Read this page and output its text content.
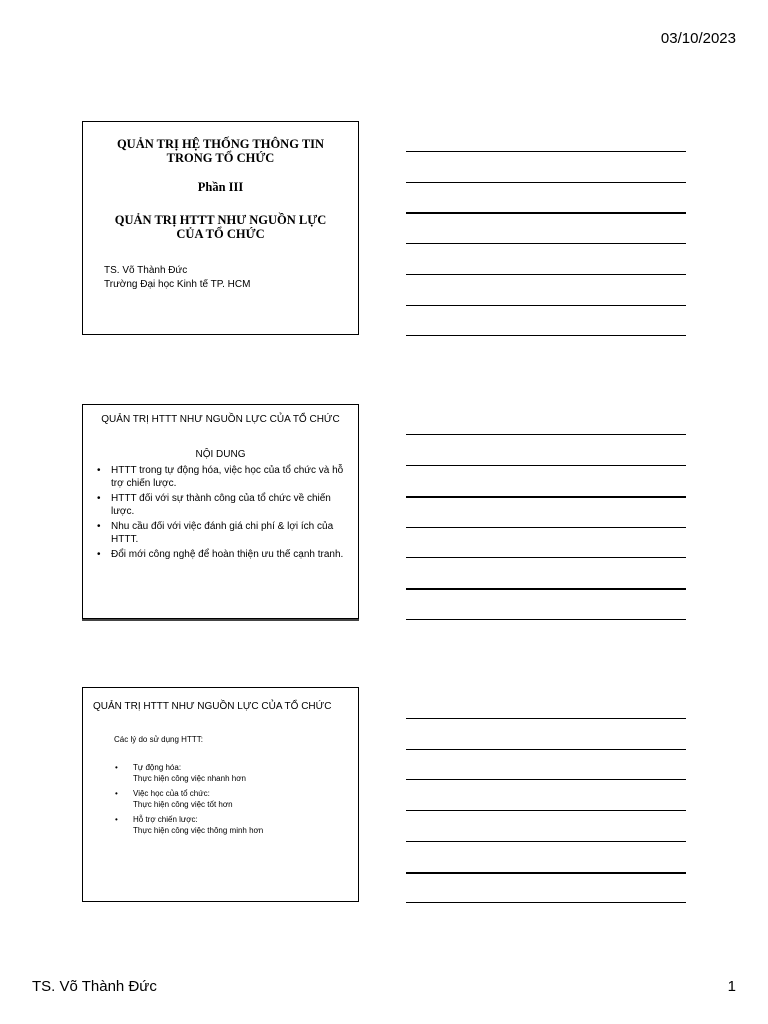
03/10/2023
QUẢN TRỊ HỆ THỐNG THÔNG TIN
TRONG TỔ CHỨC
Phần III
QUẢN TRỊ HTTT NHƯ NGUỒN LỰC
CỦA TỔ CHỨC
TS. Võ Thành Đức
Trường Đại học Kinh tế TP. HCM
QUẢN TRỊ HTTT NHƯ NGUỒN LỰC CỦA TỔ CHỨC
NỘI DUNG
• HTTT trong tự động hóa, việc học của tổ chức và hỗ trợ chiến lược.
• HTTT đối với sự thành công của tổ chức về chiến lược.
• Nhu cầu đối với việc đánh giá chi phí & lợi ích của HTTT.
• Đổi mới công nghệ để hoàn thiện ưu thế cạnh tranh.
QUẢN TRỊ HTTT NHƯ NGUỒN LỰC CỦA TỔ CHỨC
Các lý do sử dụng HTTT:
• Tự động hóa:
Thực hiện công việc nhanh hơn
• Việc học của tổ chức:
Thực hiện công việc tốt hơn
• Hỗ trợ chiến lược:
Thực hiện công việc thông minh hơn
TS. Võ Thành Đức	1
